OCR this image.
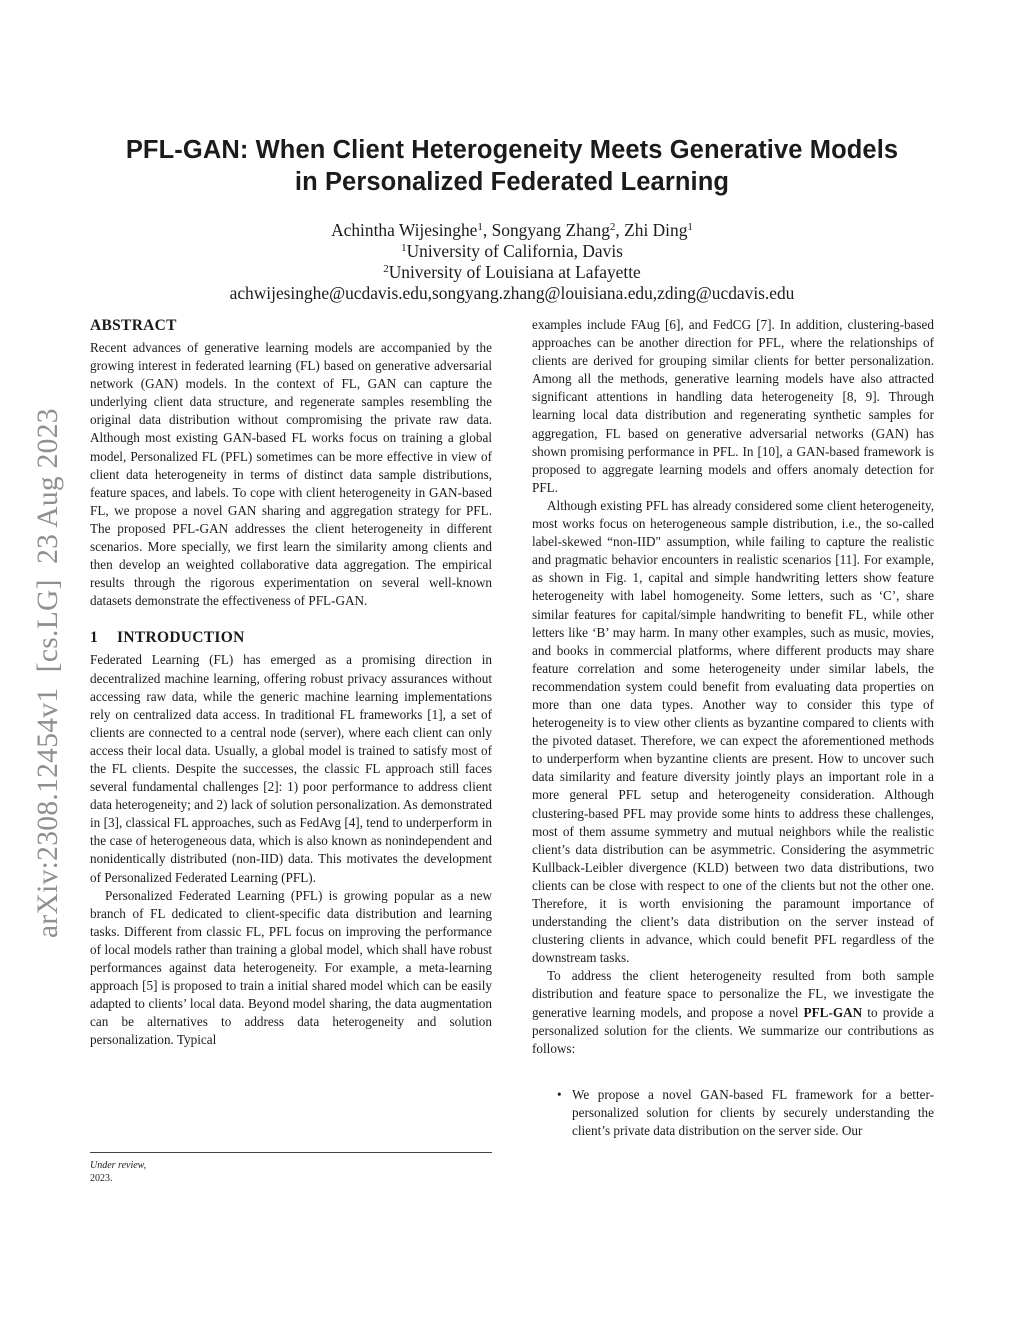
PFL-GAN: When Client Heterogeneity Meets Generative Models
in Personalized Federated Learning
Achintha Wijesinghe$^1$, Songyang Zhang$^2$, Zhi Ding$^1$
$^1$University of California, Davis
$^2$University of Louisiana at Lafayette
achwijesinghe@ucdavis.edu,songyang.zhang@louisiana.edu,zding@ucdavis.edu
arXiv:2308.12454v1  [cs.LG]  23 Aug 2023
ABSTRACT

Recent advances of generative learning models are accompanied by the growing interest in federated learning (FL) based on generative adversarial network (GAN) models. In the context of FL, GAN can capture the underlying client data structure, and regenerate samples resembling the original data distribution without compromising the private raw data. Although most existing GAN-based FL works focus on training a global model, Personalized FL (PFL) sometimes can be more effective in view of client data heterogeneity in terms of distinct data sample distributions, feature spaces, and labels. To cope with client heterogeneity in GAN-based FL, we propose a novel GAN sharing and aggregation strategy for PFL. The proposed PFL-GAN addresses the client heterogeneity in different scenarios. More specially, we first learn the similarity among clients and then develop an weighted collaborative data aggregation. The empirical results through the rigorous experimentation on several well-known datasets demonstrate the effectiveness of PFL-GAN.

1 INTRODUCTION

Federated Learning (FL) has emerged as a promising direction in decentralized machine learning, offering robust privacy assurances without accessing raw data, while the generic machine learning implementations rely on centralized data access. In traditional FL frameworks [1], a set of clients are connected to a central node (server), where each client can only access their local data. Usually, a global model is trained to satisfy most of the FL clients. Despite the successes, the classic FL approach still faces several fundamental challenges [2]: 1) poor performance to address client data heterogeneity; and 2) lack of solution personalization. As demonstrated in [3], classical FL approaches, such as FedAvg [4], tend to underperform in the case of heterogeneous data, which is also known as nonindependent and nonidentically distributed (non-IID) data. This motivates the development of Personalized Federated Learning (PFL).

Personalized Federated Learning (PFL) is growing popular as a new branch of FL dedicated to client-specific data distribution and learning tasks. Different from classic FL, PFL focus on improving the performance of local models rather than training a global model, which shall have robust performances against data heterogeneity. For example, a meta-learning approach [5] is proposed to train a initial shared model which can be easily adapted to clients’ local data. Beyond model sharing, the data augmentation can be alternatives to address data heterogeneity and solution personalization. Typical

examples include FAug [6], and FedCG [7]. In addition, clustering-based approaches can be another direction for PFL, where the relationships of clients are derived for grouping similar clients for better personalization. Among all the methods, generative learning models have also attracted significant attentions in handling data heterogeneity [8, 9]. Through learning local data distribution and regenerating synthetic samples for aggregation, FL based on generative adversarial networks (GAN) has shown promising performance in PFL. In [10], a GAN-based framework is proposed to aggregate learning models and offers anomaly detection for PFL.

Although existing PFL has already considered some client heterogeneity, most works focus on heterogeneous sample distribution, i.e., the so-called label-skewed “non-IID" assumption, while failing to capture the realistic and pragmatic behavior encounters in realistic scenarios [11]. For example, as shown in Fig. 1, capital and simple handwriting letters show feature heterogeneity with label homogeneity. Some letters, such as ‘C’, share similar features for capital/simple handwriting to benefit FL, while other letters like ‘B’ may harm. In many other examples, such as music, movies, and books in commercial platforms, where different products may share feature correlation and some heterogeneity under similar labels, the recommendation system could benefit from evaluating data properties on more than one data types. Another way to consider this type of heterogeneity is to view other clients as byzantine compared to clients with the pivoted dataset. Therefore, we can expect the aforementioned methods to underperform when byzantine clients are present. How to uncover such data similarity and feature diversity jointly plays an important role in a more general PFL setup and heterogeneity consideration. Although clustering-based PFL may provide some hints to address these challenges, most of them assume symmetry and mutual neighbors while the realistic client’s data distribution can be asymmetric. Considering the asymmetric Kullback-Leibler divergence (KLD) between two data distributions, two clients can be close with respect to one of the clients but not the other one. Therefore, it is worth envisioning the paramount importance of understanding the client’s data distribution on the server instead of clustering clients in advance, which could benefit PFL regardless of the downstream tasks.

To address the client heterogeneity resulted from both sample distribution and feature space to personalize the FL, we investigate the generative learning models, and propose a novel PFL-GAN to provide a personalized solution for the clients. We summarize our contributions as follows:

• We propose a novel GAN-based FL framework for a better-personalized solution for clients by securely understanding the client’s private data distribution on the server side. Our
Under review,
2023.
